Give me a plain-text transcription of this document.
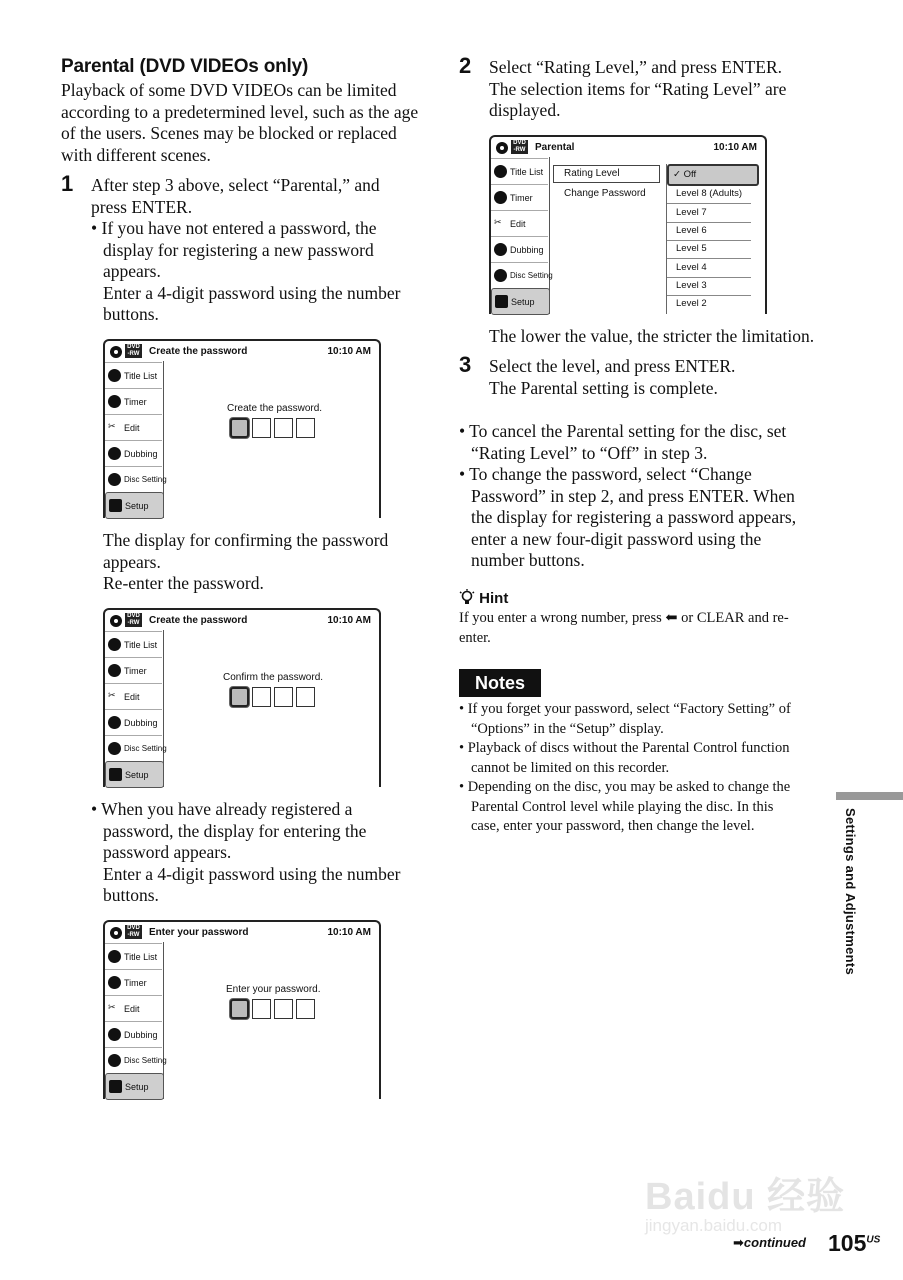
Parental (DVD VIDEOs only)
Playback of some DVD VIDEOs can be limited
according to a predetermined level, such as the age
of the users. Scenes may be blocked or replaced
with different scenes.
1 After step 3 above, select “Parental,” and
press ENTER.
• If you have not entered a password, the
display for registering a new password
appears.
Enter a 4-digit password using the number
buttons.
DVD
-RW Create the password	10:10 AM
Title List
Timer
✂ Edit
Dubbing
Disc Setting
Setup
Create the password.
The display for confirming the password
appears.
Re-enter the password.
DVD
-RW Create the password	10:10 AM
Title List
Timer
✂ Edit
Dubbing
Disc Setting
Setup
Confirm the password.
• When you have already registered a
password, the display for entering the
password appears.
Enter a 4-digit password using the number
buttons.
DVD
-RW Enter your password	10:10 AM
Title List
Timer
✂ Edit
Dubbing
Disc Setting
Setup
Enter your password.
2 Select “Rating Level,” and press ENTER.
The selection items for “Rating Level” are
displayed.
DVD
-RW Parental	10:10 AM
Title List
Timer
✂ Edit
Dubbing
Disc Setting
Setup
Rating Level
Change Password
✓ Off
Level 8 (Adults)
Level 7
Level 6
Level 5
Level 4
Level 3
Level 2
The lower the value, the stricter the limitation.
3 Select the level, and press ENTER.
The Parental setting is complete.
• To cancel the Parental setting for the disc, set
“Rating Level” to “Off” in step 3.
• To change the password, select “Change
Password” in step 2, and press ENTER. When
the display for registering a password appears,
enter a new four-digit password using the
number buttons.
Hint
If you enter a wrong number, press ⬅ or CLEAR and re-
enter.
Notes
• If you forget your password, select “Factory Setting” of
“Options” in the “Setup” display.
• Playback of discs without the Parental Control function
cannot be limited on this recorder.
• Depending on the disc, you may be asked to change the
Parental Control level while playing the disc. In this
case, enter your password, then change the level.	Settings and Adjustments
Baidu 经验
jingyan.baidu.com
➡continued $105^{US}$
